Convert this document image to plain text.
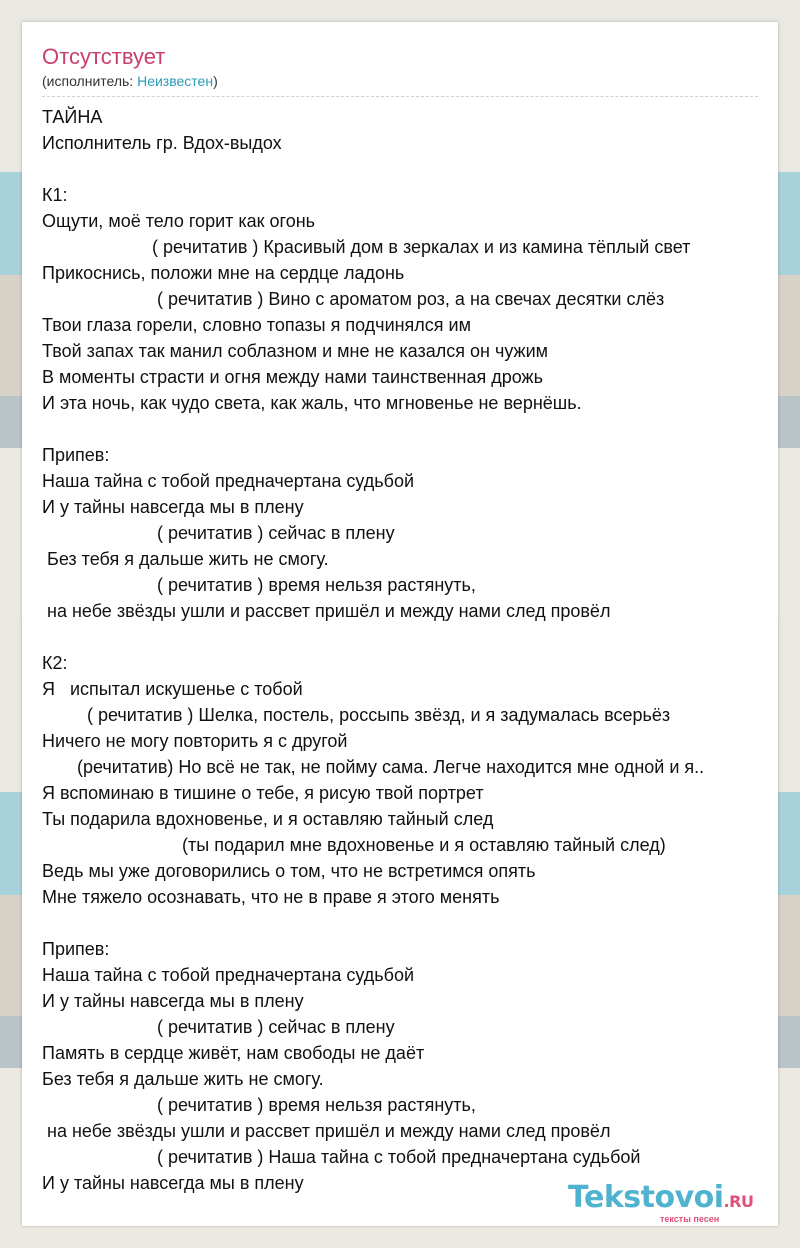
Отсутствует
(исполнитель: Неизвестен)
ТАЙНА
Исполнитель гр. Вдох-выдох
К1:
Ощути, моё тело горит как огонь
( речитатив ) Красивый дом в зеркалах и из камина тёплый свет
Прикоснись, положи мне на сердце ладонь
( речитатив ) Вино с ароматом роз, а на свечах десятки слёз
Твои глаза горели, словно топазы я подчинялся им
Твой запах так манил соблазном и мне не казался он чужим
В моменты страсти и огня между нами таинственная дрожь
И эта ночь, как чудо света, как жаль, что мгновенье не вернёшь.
Припев:
Наша тайна с тобой предначертана судьбой
И у тайны навсегда мы в плену
( речитатив ) сейчас в плену
Без тебя я дальше жить не смогу.
( речитатив ) время нельзя растянуть,
на небе звёзды ушли и рассвет пришёл и между нами след провёл
К2:
Я   испытал искушенье с тобой
( речитатив ) Шелка, постель, россыпь звёзд, и я задумалась всерьёз
Ничего не могу повторить я с другой
(речитатив) Но всё не так, не пойму сама. Легче находится мне одной и я..
Я вспоминаю в тишине о тебе, я рисую твой портрет
Ты подарила вдохновенье, и я оставляю тайный след
(ты подарил мне вдохновенье и я оставляю тайный след)
Ведь мы уже договорились о том, что не встретимся опять
Мне тяжело осознавать, что не в праве я этого менять
Припев:
Наша тайна с тобой предначертана судьбой
И у тайны навсегда мы в плену
( речитатив ) сейчас в плену
Память в сердце живёт, нам свободы не даёт
Без тебя я дальше жить не смогу.
( речитатив ) время нельзя растянуть,
на небе звёзды ушли и рассвет пришёл и между нами след провёл
( речитатив ) Наша тайна с тобой предначертана судьбой
И у тайны навсегда мы в плену	Tekstovoi.RU
тексты песен
